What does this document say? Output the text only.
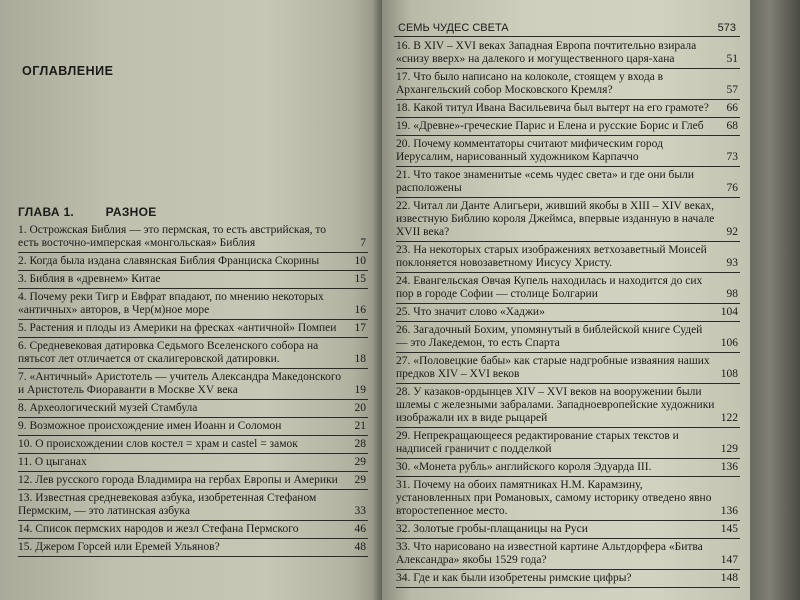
ОГЛАВЛЕНИЕ
ГЛАВА 1.	РАЗНОЕ
1. Острожская Библия — это пермская, то есть австрийская, то есть восточно-имперская «монгольская» Библия	7
2. Когда была издана славянская Библия Франциска Скорины	10
3. Библия в «древнем» Китае	15
4. Почему реки Тигр и Евфрат впадают, по мнению некоторых «античных» авторов, в Чер(м)ное море	16
5. Растения и плоды из Америки на фресках «античной» Помпеи	17
6. Средневековая датировка Седьмого Вселенского собора на пятьсот лет отличается от скалигеровской датировки.	18
7. «Античный» Аристотель — учитель Александра Македонского и Аристотель Фиораванти в Москве XV века	19
8. Археологический музей Стамбула	20
9. Возможное происхождение имен Иоанн и Соломон	21
10. О происхождении слов костел = храм и castel = замок	28
11. О цыганах	29
12. Лев русского города Владимира на гербах Европы и Америки	29
13. Известная средневековая азбука, изобретенная Стефаном Пермским, — это латинская азбука	33
14. Список пермских народов и жезл Стефана Пермского	46
15. Джером Горсей или Еремей Ульянов?	48
СЕМЬ ЧУДЕС СВЕТА	573
16. В XIV – XVI веках Западная Европа почтительно взирала «снизу вверх» на далекого и могущественного царя-хана	51
17. Что было написано на колоколе, стоящем у входа в Архангельский собор Московского Кремля?	57
18. Какой титул Ивана Васильевича был вытерт на его грамоте?	66
19. «Древне»-греческие Парис и Елена и русские Борис и Глеб	68
20. Почему комментаторы считают мифическим город Иерусалим, нарисованный художником Карпаччо	73
21. Что такое знаменитые «семь чудес света» и где они были расположены	76
22. Читал ли Данте Алигьери, живший якобы в XIII – XIV веках, известную Библию короля Джеймса, впервые изданную в начале XVII века?	92
23. На некоторых старых изображениях ветхозаветный Моисей поклоняется новозаветному Иисусу Христу.	93
24. Евангельская Овчая Купель находилась и находится до сих пор в городе Софии — столице Болгарии	98
25. Что значит слово «Хаджи»	104
26. Загадочный Бохим, упомянутый в библейской книге Судей — это Лакедемон, то есть Спарта	106
27. «Половецкие бабы» как старые надгробные изваяния наших предков XIV – XVI веков	108
28. У казаков-ордынцев XIV – XVI веков на вооружении были шлемы с железными забралами. Западноевропейские художники изображали их в виде рыцарей	122
29. Непрекращающееся редактирование старых текстов и надписей граничит с подделкой	129
30. «Монета рубль» английского короля Эдуарда III.	136
31. Почему на обоих памятниках Н.М. Карамзину, установленных при Романовых, самому историку отведено явно второстепенное место.	136
32. Золотые гробы-плащаницы на Руси	145
33. Что нарисовано на известной картине Альтдорфера «Битва Александра» якобы 1529 года?	147
34. Где и как были изобретены римские цифры?	148
